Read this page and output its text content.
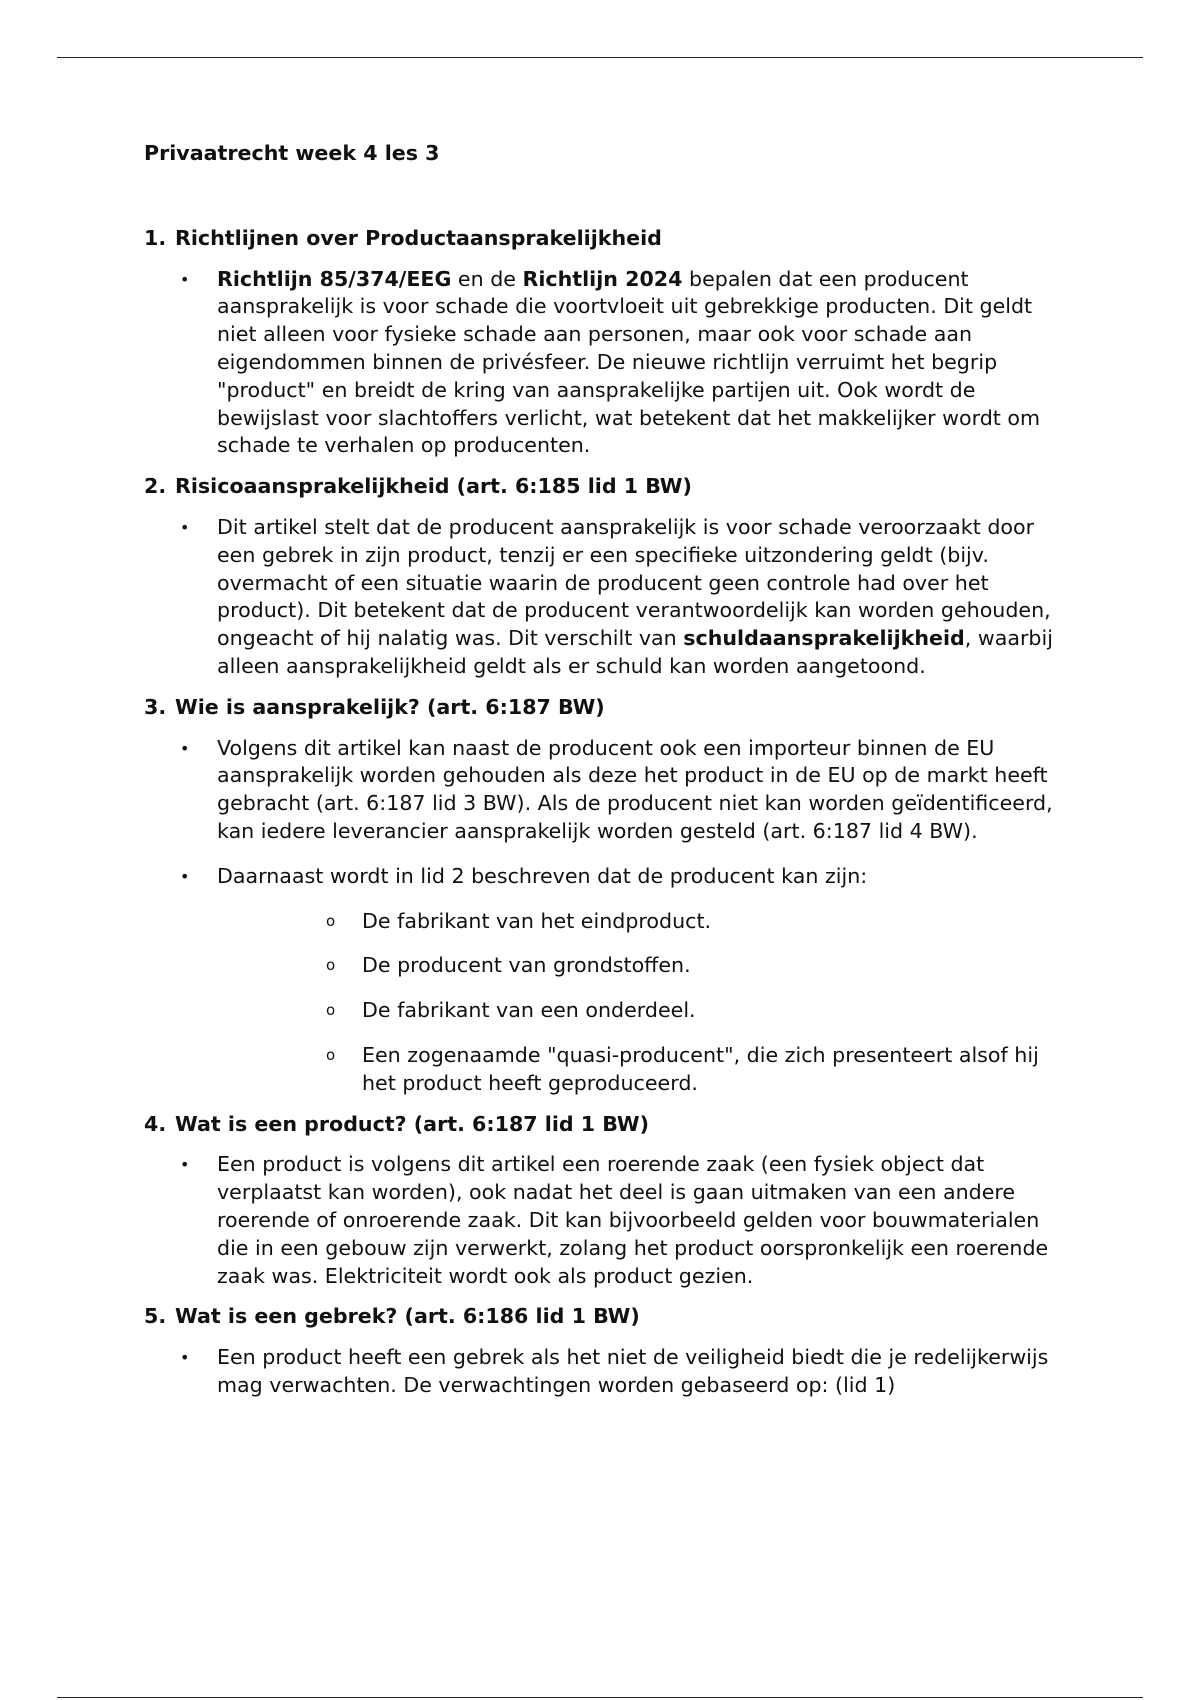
Privaatrecht week 4 les 3
1. Richtlijnen over Productaansprakelijkheid
•	Richtlijn 85/374/EEG en de Richtlijn 2024 bepalen dat een producent aansprakelijk is voor schade die voortvloeit uit gebrekkige producten. Dit geldt niet alleen voor fysieke schade aan personen, maar ook voor schade aan eigendommen binnen de privésfeer. De nieuwe richtlijn verruimt het begrip "product" en breidt de kring van aansprakelijke partijen uit. Ook wordt de bewijslast voor slachtoffers verlicht, wat betekent dat het makkelijker wordt om schade te verhalen op producenten.
2. Risicoaansprakelijkheid (art. 6:185 lid 1 BW)
•	Dit artikel stelt dat de producent aansprakelijk is voor schade veroorzaakt door een gebrek in zijn product, tenzij er een specifieke uitzondering geldt (bijv. overmacht of een situatie waarin de producent geen controle had over het product). Dit betekent dat de producent verantwoordelijk kan worden gehouden, ongeacht of hij nalatig was. Dit verschilt van schuldaansprakelijkheid, waarbij alleen aansprakelijkheid geldt als er schuld kan worden aangetoond.
3. Wie is aansprakelijk? (art. 6:187 BW)
•	Volgens dit artikel kan naast de producent ook een importeur binnen de EU aansprakelijk worden gehouden als deze het product in de EU op de markt heeft gebracht (art. 6:187 lid 3 BW). Als de producent niet kan worden geïdentificeerd, kan iedere leverancier aansprakelijk worden gesteld (art. 6:187 lid 4 BW).
•	Daarnaast wordt in lid 2 beschreven dat de producent kan zijn:
o	De fabrikant van het eindproduct.
o	De producent van grondstoffen.
o	De fabrikant van een onderdeel.
o	Een zogenaamde "quasi-producent", die zich presenteert alsof hij het product heeft geproduceerd.
4. Wat is een product? (art. 6:187 lid 1 BW)
•	Een product is volgens dit artikel een roerende zaak (een fysiek object dat verplaatst kan worden), ook nadat het deel is gaan uitmaken van een andere roerende of onroerende zaak. Dit kan bijvoorbeeld gelden voor bouwmaterialen die in een gebouw zijn verwerkt, zolang het product oorspronkelijk een roerende zaak was. Elektriciteit wordt ook als product gezien.
5. Wat is een gebrek? (art. 6:186 lid 1 BW)
•	Een product heeft een gebrek als het niet de veiligheid biedt die je redelijkerwijs mag verwachten. De verwachtingen worden gebaseerd op: (lid 1)
